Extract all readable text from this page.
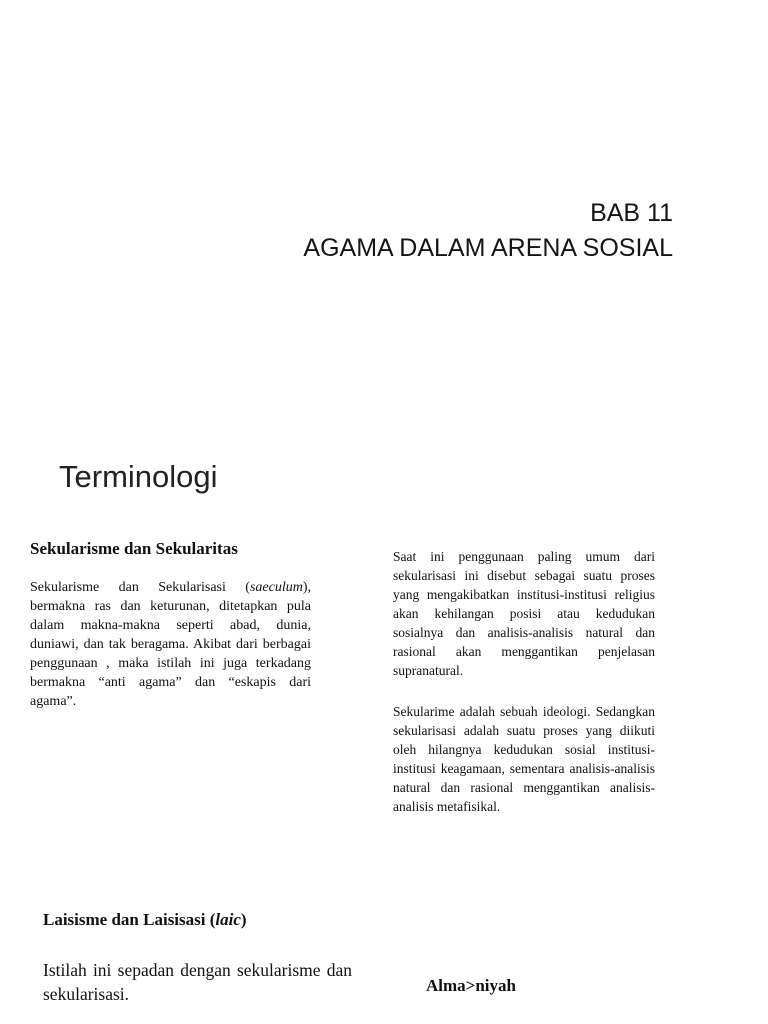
BAB 11
AGAMA DALAM ARENA SOSIAL
Terminologi
Sekularisme dan Sekularitas

Sekularisme dan Sekularisasi (saeculum), bermakna ras dan keturunan, ditetapkan pula dalam makna-makna seperti abad, dunia, duniawi, dan tak beragama. Akibat dari berbagai penggunaan , maka istilah ini juga terkadang bermakna “anti agama” dan “eskapis dari agama”.

Saat ini penggunaan paling umum dari sekularisasi ini disebut sebagai suatu proses yang mengakibatkan institusi-institusi religius akan kehilangan posisi atau kedudukan sosialnya dan analisis-analisis natural dan rasional akan menggantikan penjelasan supranatural.

Sekularime adalah sebuah ideologi. Sedangkan sekularisasi adalah suatu proses yang diikuti oleh hilangnya kedudukan sosial institusi-institusi keagamaan, sementara analisis-analisis natural dan rasional menggantikan analisis-analisis metafisikal.

Laisisme dan Laisisasi (laic)

Istilah ini sepadan dengan sekularisme dan sekularisasi.	Alma>niyah
